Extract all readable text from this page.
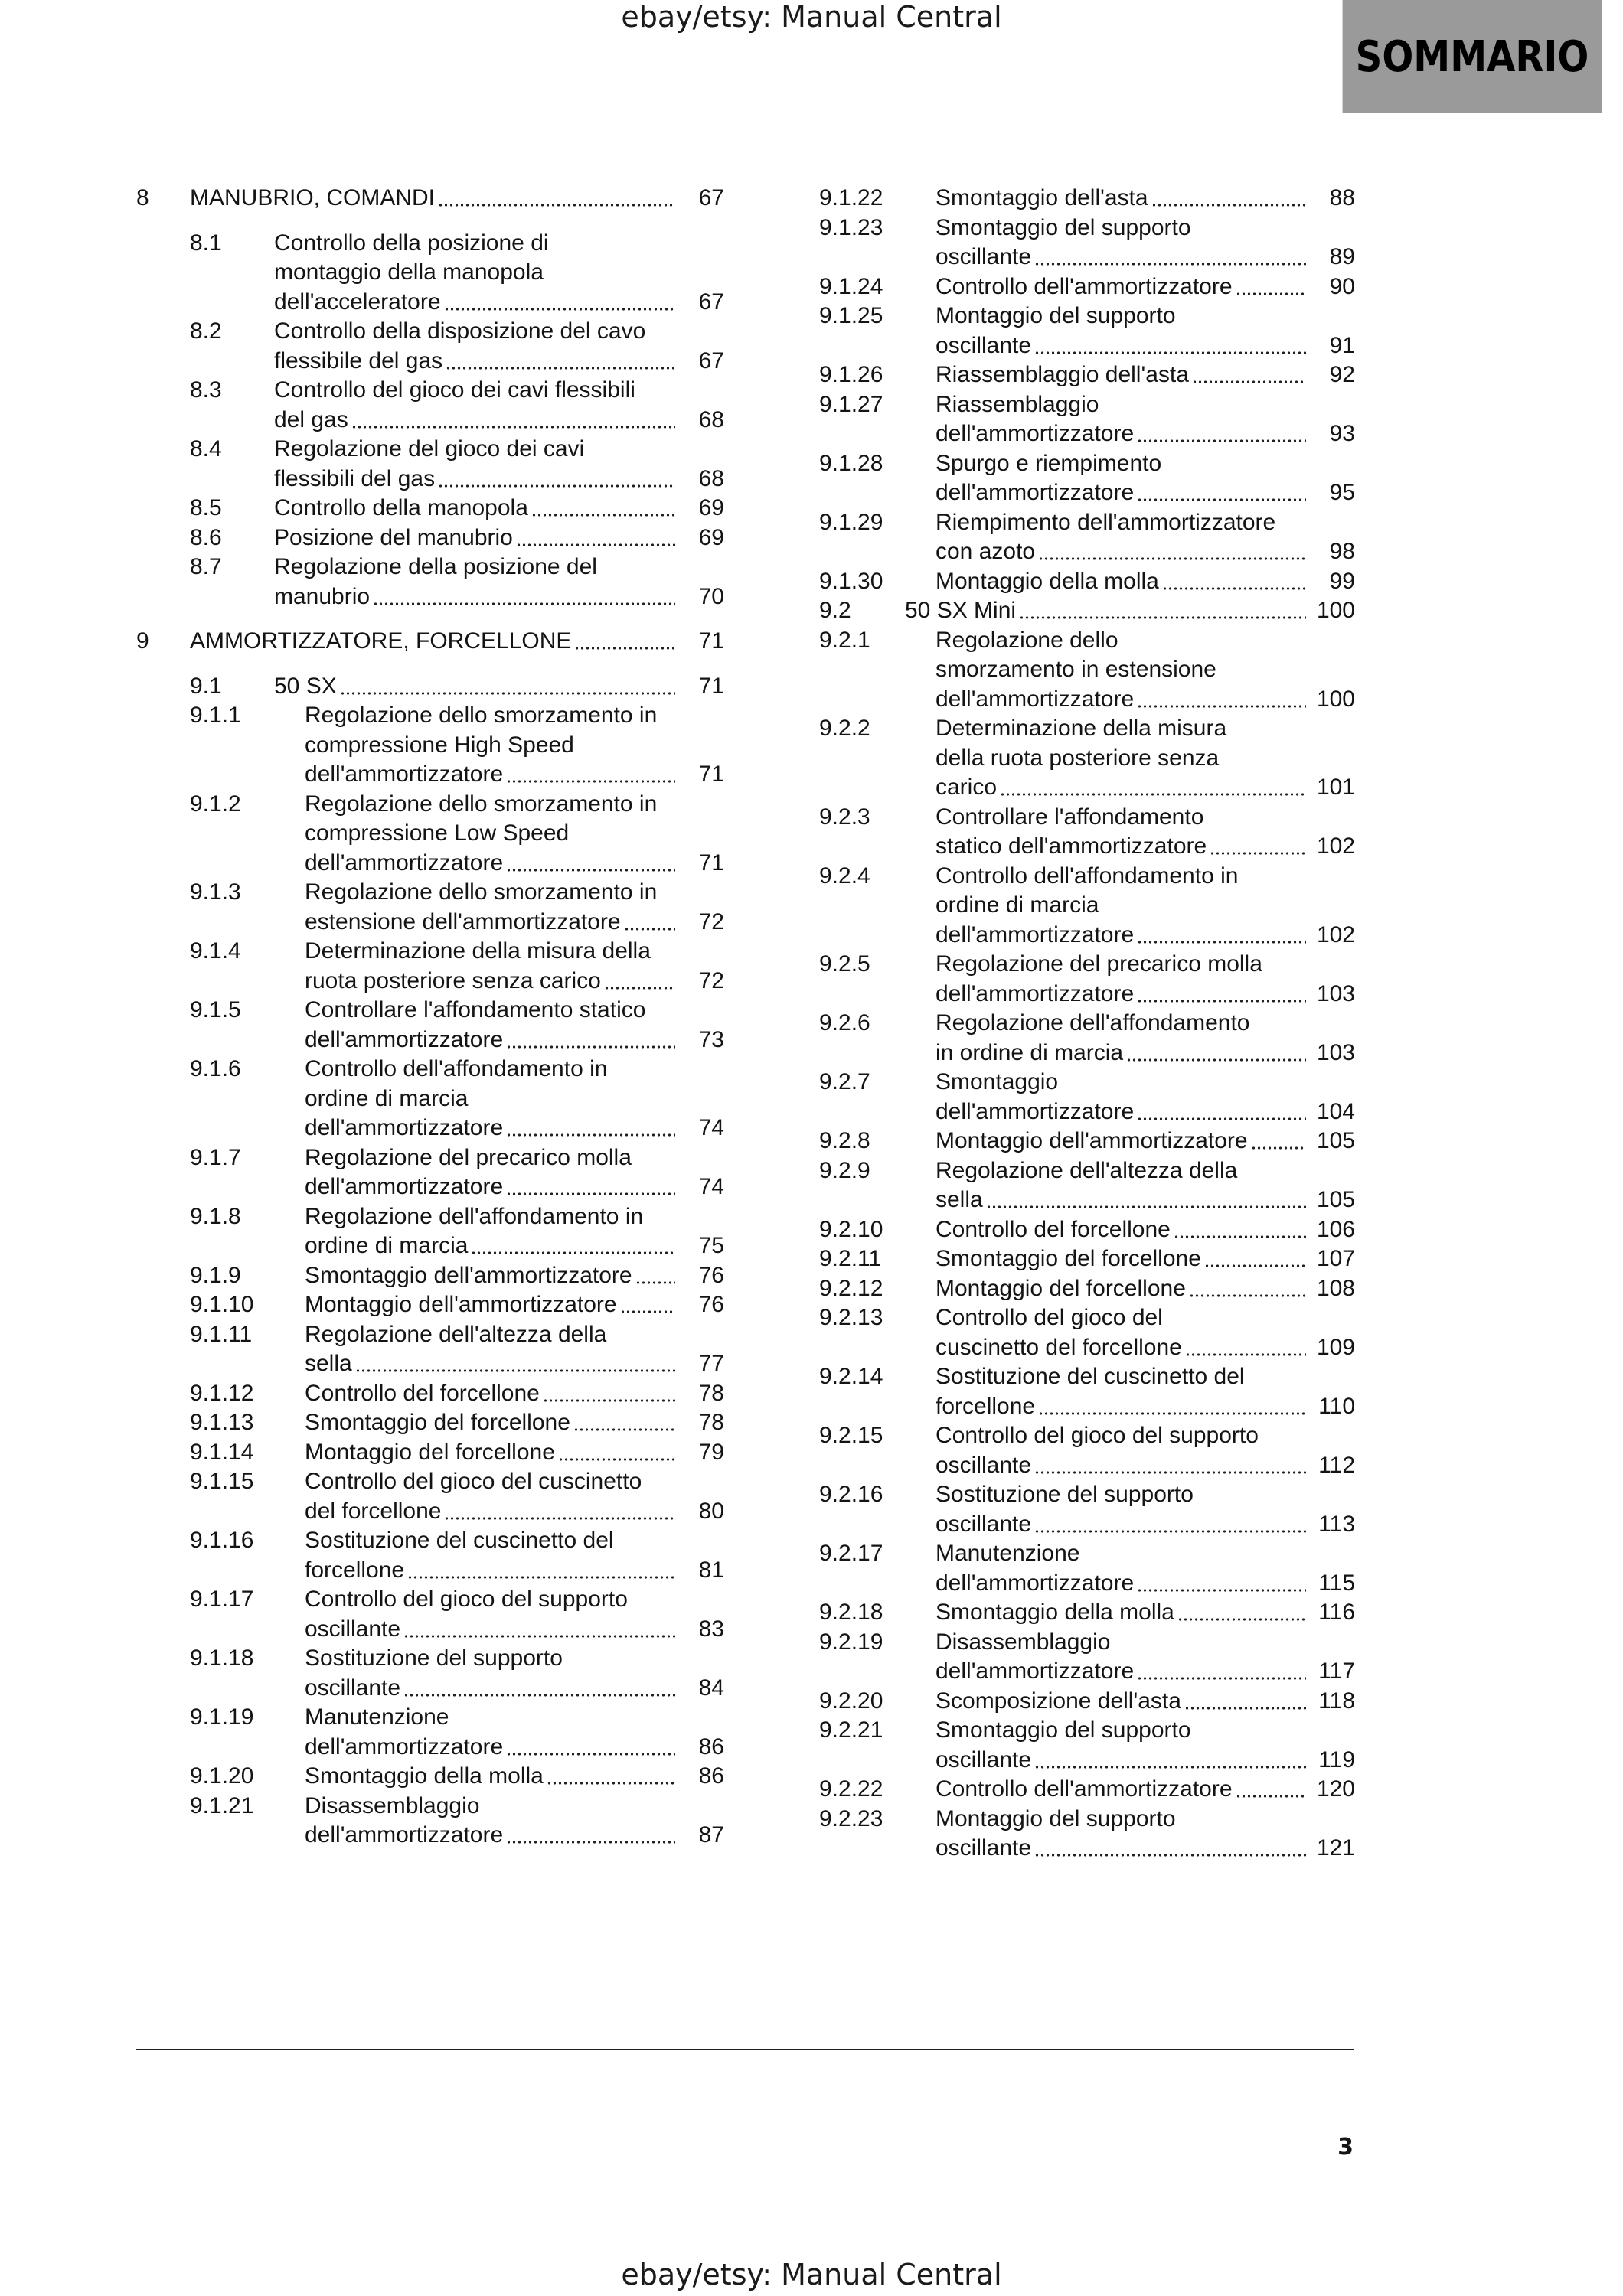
ebay/etsy: Manual Central
SOMMARIO
8 MANUBRIO, COMANDI	67
8.1 Controllo della posizione di
montaggio della manopola
dell'acceleratore	67
8.2 Controllo della disposizione del cavo
flessibile del gas	67
8.3 Controllo del gioco dei cavi flessibili
del gas	68
8.4 Regolazione del gioco dei cavi
flessibili del gas	68
8.5 Controllo della manopola	69
8.6 Posizione del manubrio	69
8.7 Regolazione della posizione del
manubrio	70
9 AMMORTIZZATORE, FORCELLONE	71
9.1 50 SX	71
9.1.1	Regolazione dello smorzamento in
compressione High Speed
dell'ammortizzatore	71
9.1.2	Regolazione dello smorzamento in
compressione Low Speed
dell'ammortizzatore	71
9.1.3	Regolazione dello smorzamento in
estensione dell'ammortizzatore	72
9.1.4	Determinazione della misura della
ruota posteriore senza carico	72
9.1.5	Controllare l'affondamento statico
dell'ammortizzatore	73
9.1.6	Controllo dell'affondamento in
ordine di marcia
dell'ammortizzatore	74
9.1.7	Regolazione del precarico molla
dell'ammortizzatore	74
9.1.8	Regolazione dell'affondamento in
ordine di marcia	75
9.1.9	Smontaggio dell'ammortizzatore	76
9.1.10 Montaggio dell'ammortizzatore	76
9.1.11 Regolazione dell'altezza della
sella	77
9.1.12 Controllo del forcellone	78
9.1.13 Smontaggio del forcellone	78
9.1.14 Montaggio del forcellone	79
9.1.15 Controllo del gioco del cuscinetto
del forcellone	80
9.1.16 Sostituzione del cuscinetto del
forcellone	81
9.1.17 Controllo del gioco del supporto
oscillante	83
9.1.18 Sostituzione del supporto
oscillante	84
9.1.19 Manutenzione
dell'ammortizzatore	86
9.1.20 Smontaggio della molla	86
9.1.21 Disassemblaggio
dell'ammortizzatore	87
9.1.22 Smontaggio dell'asta	88
9.1.23 Smontaggio del supporto
oscillante	89
9.1.24 Controllo dell'ammortizzatore	90
9.1.25 Montaggio del supporto
oscillante	91
9.1.26 Riassemblaggio dell'asta	92
9.1.27 Riassemblaggio
dell'ammortizzatore	93
9.1.28 Spurgo e riempimento
dell'ammortizzatore	95
9.1.29 Riempimento dell'ammortizzatore
con azoto	98
9.1.30 Montaggio della molla	99
9.2 50 SX Mini	100
9.2.1	Regolazione dello
smorzamento in estensione
dell'ammortizzatore	100
9.2.2	Determinazione della misura
della ruota posteriore senza
carico	101
9.2.3	Controllare l'affondamento
statico dell'ammortizzatore	102
9.2.4	Controllo dell'affondamento in
ordine di marcia
dell'ammortizzatore	102
9.2.5	Regolazione del precarico molla
dell'ammortizzatore	103
9.2.6	Regolazione dell'affondamento
in ordine di marcia	103
9.2.7	Smontaggio
dell'ammortizzatore	104
9.2.8	Montaggio dell'ammortizzatore	105
9.2.9	Regolazione dell'altezza della
sella	105
9.2.10 Controllo del forcellone	106
9.2.11 Smontaggio del forcellone	107
9.2.12 Montaggio del forcellone	108
9.2.13 Controllo del gioco del
cuscinetto del forcellone	109
9.2.14 Sostituzione del cuscinetto del
forcellone	110
9.2.15 Controllo del gioco del supporto
oscillante	112
9.2.16 Sostituzione del supporto
oscillante	113
9.2.17 Manutenzione
dell'ammortizzatore	115
9.2.18 Smontaggio della molla	116
9.2.19 Disassemblaggio
dell'ammortizzatore	117
9.2.20 Scomposizione dell'asta	118
9.2.21 Smontaggio del supporto
oscillante	119
9.2.22 Controllo dell'ammortizzatore	120
9.2.23 Montaggio del supporto
oscillante	121
3
ebay/etsy: Manual Central
